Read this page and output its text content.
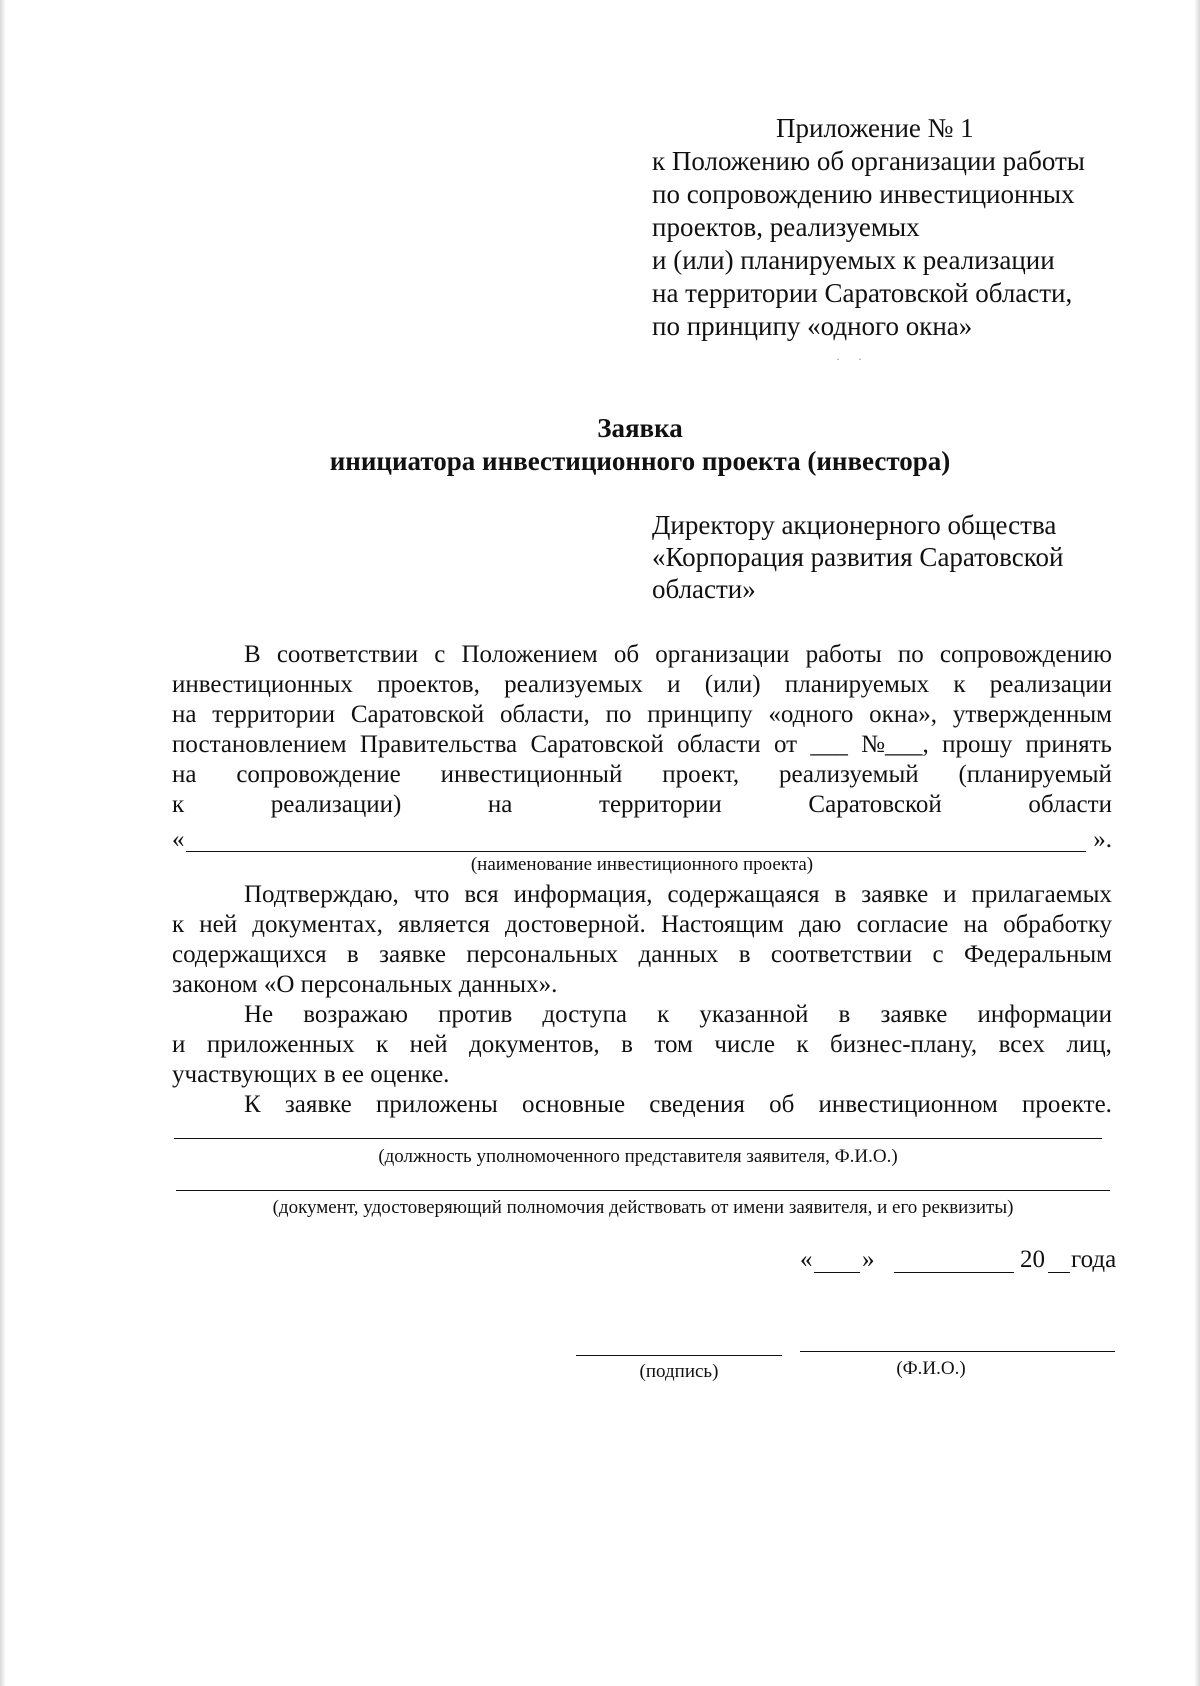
Приложение № 1
к Положению об организации работы
по сопровождению инвестиционных
проектов, реализуемых
и (или) планируемых к реализации
на территории Саратовской области,
по принципу «одного окна»
··
Заявка
инициатора инвестиционного проекта (инвестора)
Директору акционерного общества
«Корпорация развития Саратовской
области»
В соответствии с Положением об организации работы по сопровождению
инвестиционных проектов, реализуемых и (или) планируемых к реализации
на территории Саратовской области, по принципу «одного окна», утвержденным
постановлением Правительства Саратовской области от ___ №___, прошу принять
на сопровождение инвестиционный проект, реализуемый (планируемый
к	реализации)	на	территории	Саратовской	области
«	».
(наименование инвестиционного проекта)
Подтверждаю, что вся информация, содержащаяся в заявке и прилагаемых
к ней документах, является достоверной. Настоящим даю согласие на обработку
содержащихся в заявке персональных данных в соответствии с Федеральным
законом «О персональных данных».
Не возражаю против доступа к указанной в заявке информации
и приложенных к ней документов, в том числе к бизнес-плану, всех лиц,
участвующих в ее оценке.
К заявке приложены основные сведения об инвестиционном проекте.
(должность уполномоченного представителя заявителя, Ф.И.О.)
(документ, удостоверяющий полномочия действовать от имени заявителя, и его реквизиты)
« »	20 года
(подпись)	(Ф.И.О.)
